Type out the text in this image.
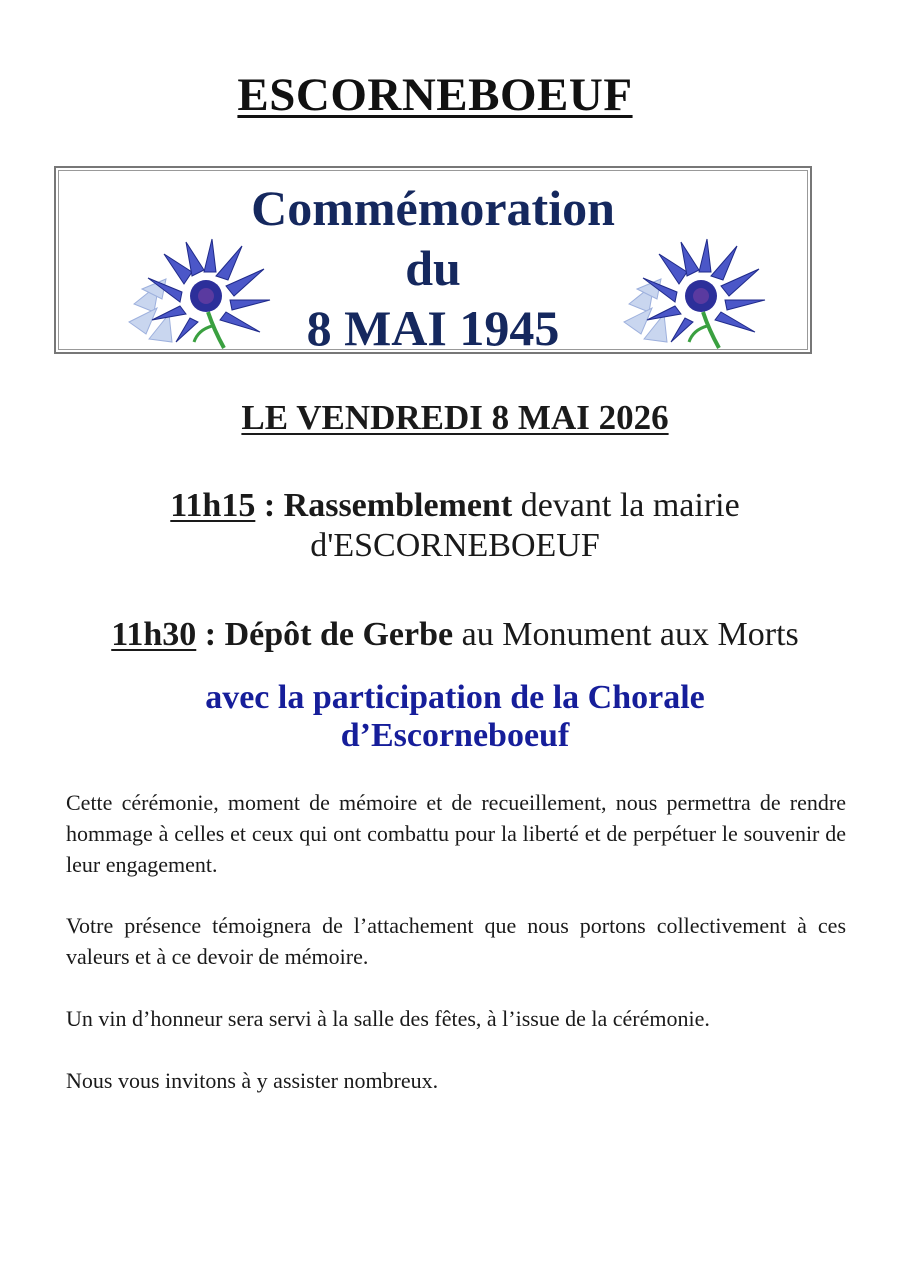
ESCORNEBOEUF
Commémoration
du
8 MAI 1945
LE VENDREDI 8 MAI 2026
11h15 : Rassemblement devant la mairie
d'ESCORNEBOEUF
11h30 : Dépôt de Gerbe au Monument aux Morts
avec la participation de la Chorale
d’Escorneboeuf
Cette cérémonie, moment de mémoire et de recueillement, nous permettra de rendre hommage à celles et ceux qui ont combattu pour la liberté et de perpétuer le souvenir de leur engagement.
Votre présence témoignera de l’attachement que nous portons collectivement à ces valeurs et à ce devoir de mémoire.
Un vin d’honneur sera servi à la salle des fêtes, à l’issue de la cérémonie.
Nous vous invitons à y assister nombreux.
